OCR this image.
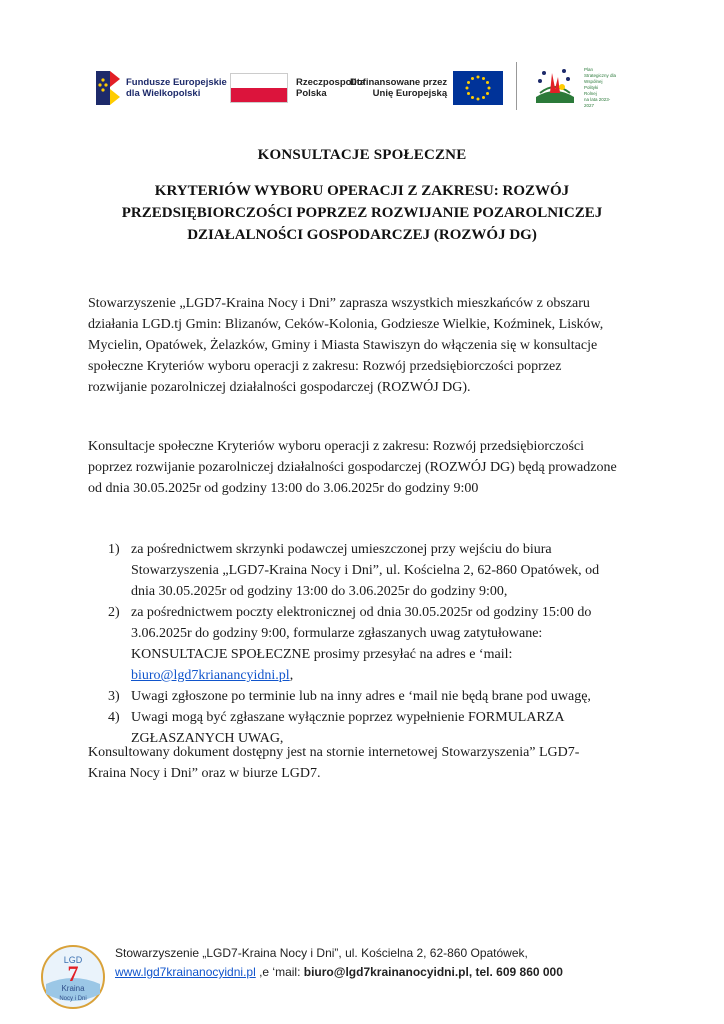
Fundusze Europejskie
dla Wielkopolski
Rzeczpospolita
Polska
Dofinansowane przez
Unię Europejską
Plan
Strategiczny dla
Wspólnej
Polityki
Rolnej
na lata 2023-2027
KONSULTACJE SPOŁECZNE
KRYTERIÓW WYBORU OPERACJI Z ZAKRESU: ROZWÓJ
PRZEDSIĘBIORCZOŚCI POPRZEZ ROZWIJANIE POZAROLNICZEJ
DZIAŁALNOŚCI GOSPODARCZEJ (ROZWÓJ DG)
Stowarzyszenie „LGD7-Kraina Nocy i Dni” zaprasza wszystkich mieszkańców z obszaru
działania LGD.tj Gmin: Blizanów, Ceków-Kolonia, Godziesze Wielkie, Koźminek, Lisków,
Mycielin, Opatówek, Żelazków, Gminy i Miasta Stawiszyn do włączenia się w konsultacje
społeczne Kryteriów wyboru operacji z zakresu: Rozwój przedsiębiorczości poprzez
rozwijanie pozarolniczej działalności gospodarczej (ROZWÓJ DG).
Konsultacje społeczne Kryteriów wyboru operacji z zakresu: Rozwój przedsiębiorczości
poprzez rozwijanie pozarolniczej działalności gospodarczej (ROZWÓJ DG) będą prowadzone
od dnia 30.05.2025r od godziny 13:00 do 3.06.2025r do godziny 9:00
1) za pośrednictwem skrzynki podawczej umieszczonej przy wejściu do biura
Stowarzyszenia „LGD7-Kraina Nocy i Dni”, ul. Kościelna 2, 62-860 Opatówek, od
dnia 30.05.2025r od godziny 13:00 do 3.06.2025r do godziny 9:00,
2) za pośrednictwem poczty elektronicznej od dnia 30.05.2025r od godziny 15:00 do
3.06.2025r do godziny 9:00, formularze zgłaszanych uwag zatytułowane:
KONSULTACJE SPOŁECZNE prosimy przesyłać na adres e ‘mail:
biuro@lgd7krianancyidni.pl,
3) Uwagi zgłoszone po terminie lub na inny adres e ‘mail nie będą brane pod uwagę,
4) Uwagi mogą być zgłaszane wyłącznie poprzez wypełnienie FORMULARZA
ZGŁASZANYCH UWAG,
Konsultowany dokument dostępny jest na stornie internetowej Stowarzyszenia” LGD7-
Kraina Nocy i Dni” oraz w biurze LGD7.
LGD
7
Kraina
Nocy i Dni
Stowarzyszenie „LGD7-Kraina Nocy i Dni”, ul. Kościelna 2, 62-860 Opatówek,
www.lgd7krainanocyidni.pl ,e ‘mail: biuro@lgd7krainanocyidni.pl, tel. 609 860 000
